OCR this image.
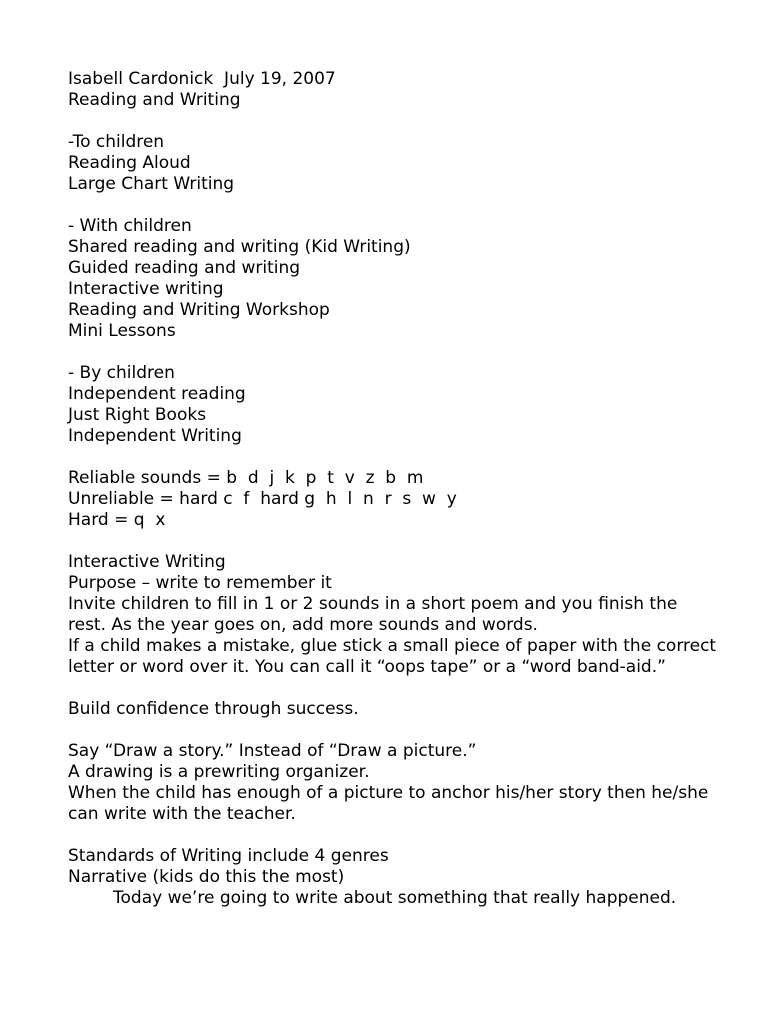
Isabell Cardonick  July 19, 2007
Reading and Writing
-To children
Reading Aloud
Large Chart Writing
- With children
Shared reading and writing (Kid Writing)
Guided reading and writing
Interactive writing
Reading and Writing Workshop
Mini Lessons
- By children
Independent reading
Just Right Books
Independent Writing
Reliable sounds = b  d  j  k  p  t  v  z  b  m
Unreliable = hard c  f  hard g  h  l  n  r  s  w  y
Hard = q  x
Interactive Writing
Purpose – write to remember it
Invite children to fill in 1 or 2 sounds in a short poem and you finish the rest. As the year goes on, add more sounds and words.
If a child makes a mistake, glue stick a small piece of paper with the correct letter or word over it. You can call it “oops tape” or a “word band-aid.”
Build confidence through success.
Say “Draw a story.” Instead of “Draw a picture.”
A drawing is a prewriting organizer.
When the child has enough of a picture to anchor his/her story then he/she can write with the teacher.
Standards of Writing include 4 genres
Narrative (kids do this the most)
Today we’re going to write about something that really happened.
